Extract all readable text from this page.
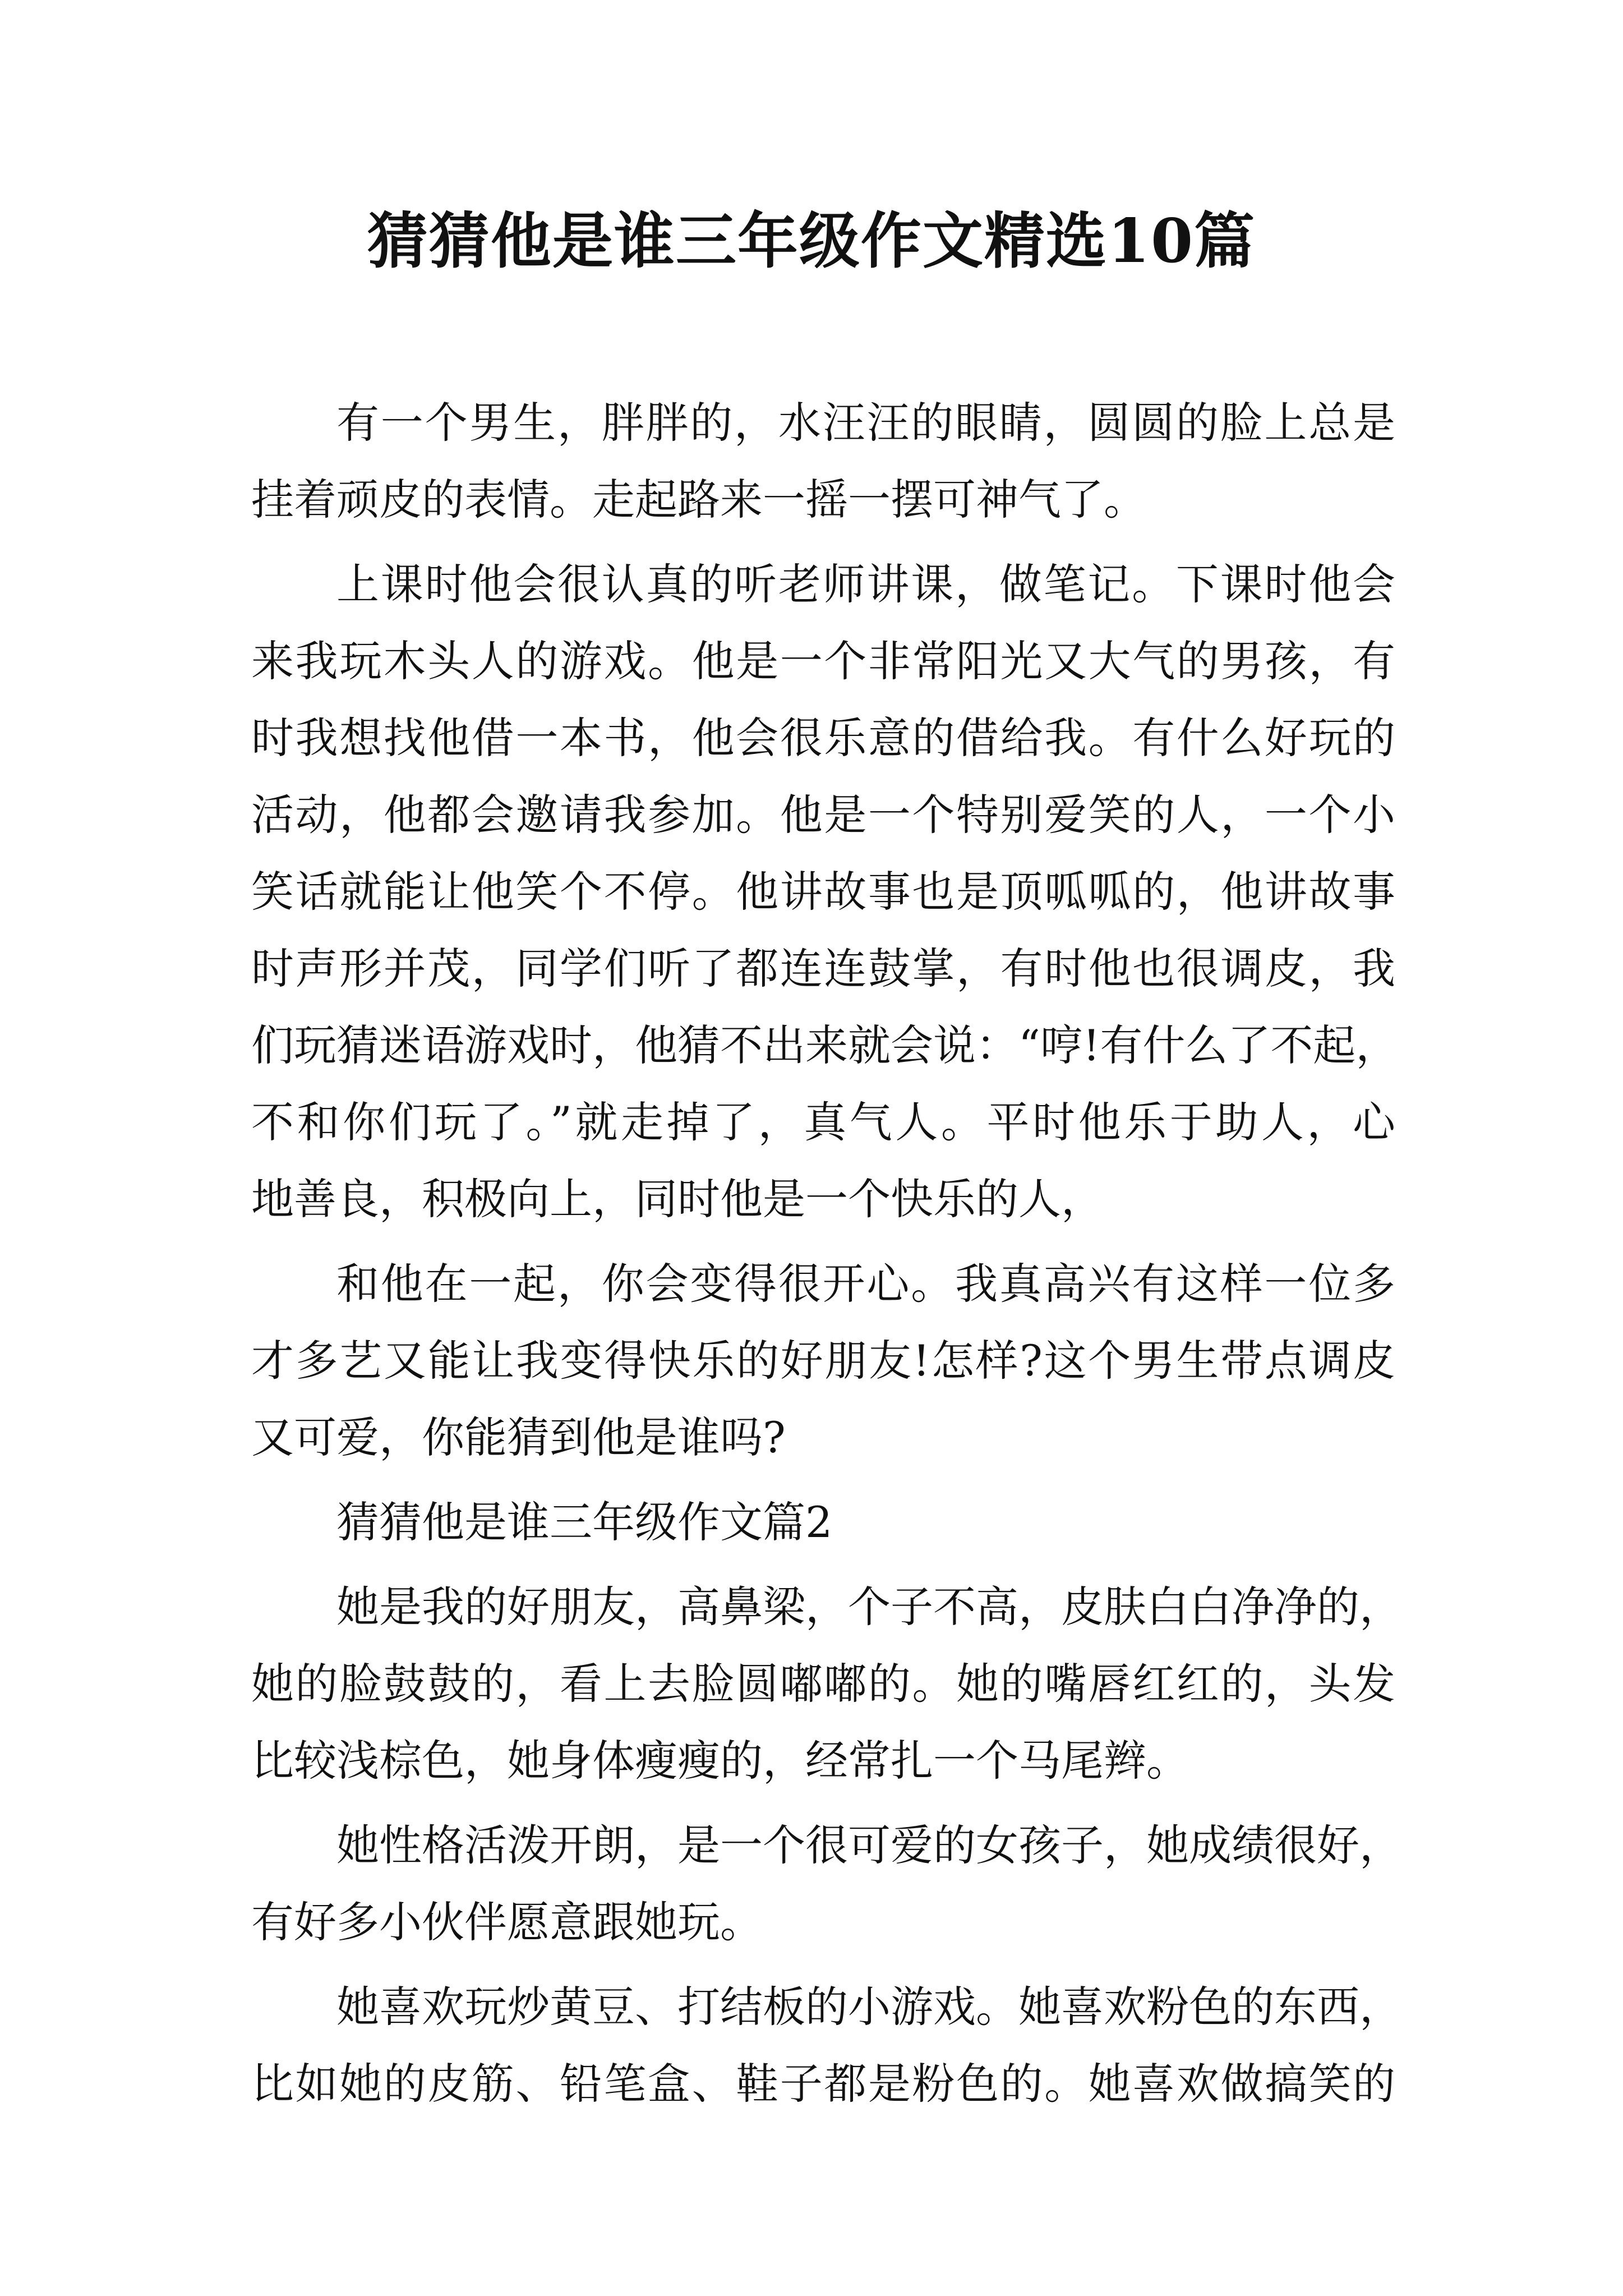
猜猜他是谁三年级作文精选10篇
有一个男生，胖胖的，水汪汪的眼睛，圆圆的脸上总是
挂着顽皮的表情。走起路来一摇一摆可神气了。
上课时他会很认真的听老师讲课，做笔记。下课时他会
来我玩木头人的游戏。他是一个非常阳光又大气的男孩，有
时我想找他借一本书，他会很乐意的借给我。有什么好玩的
活动，他都会邀请我参加。他是一个特别爱笑的人，一个小
笑话就能让他笑个不停。他讲故事也是顶呱呱的，他讲故事
时声形并茂，同学们听了都连连鼓掌，有时他也很调皮，我
们玩猜迷语游戏时，他猜不出来就会说：“哼!有什么了不起，
不和你们玩了。”就走掉了，真气人。平时他乐于助人，心
地善良，积极向上，同时他是一个快乐的人，
和他在一起，你会变得很开心。我真高兴有这样一位多
才多艺又能让我变得快乐的好朋友!怎样?这个男生带点调皮
又可爱，你能猜到他是谁吗?
猜猜他是谁三年级作文篇2
她是我的好朋友，高鼻梁，个子不高，皮肤白白净净的，
她的脸鼓鼓的，看上去脸圆嘟嘟的。她的嘴唇红红的，头发
比较浅棕色，她身体瘦瘦的，经常扎一个马尾辫。
她性格活泼开朗，是一个很可爱的女孩子，她成绩很好，
有好多小伙伴愿意跟她玩。
她喜欢玩炒黄豆、打结板的小游戏。她喜欢粉色的东西，
比如她的皮筋、铅笔盒、鞋子都是粉色的。她喜欢做搞笑的
